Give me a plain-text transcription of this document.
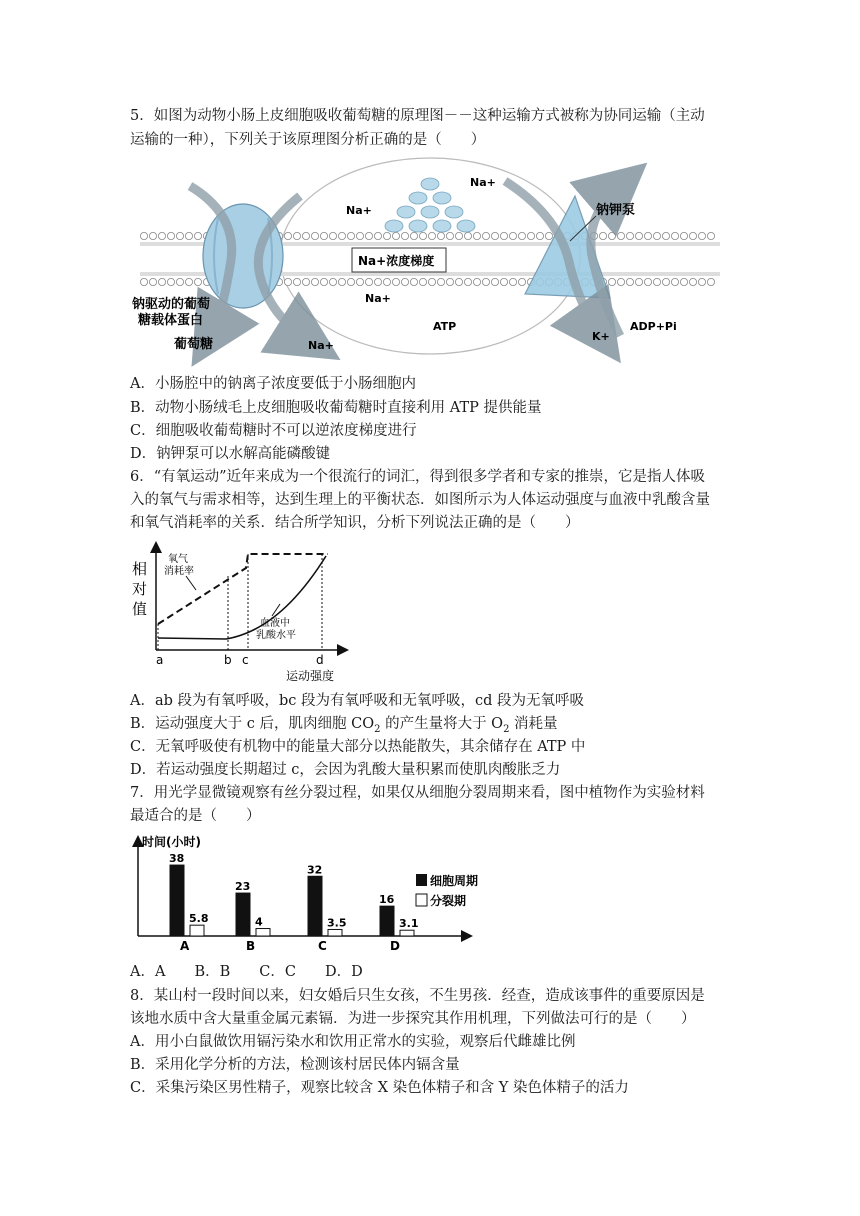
5．如图为动物小肠上皮细胞吸收葡萄糖的原理图－－这种运输方式被称为协同运输（主动
运输的一种），下列关于该原理图分析正确的是（　　）
Na+浓度梯度
Na+
Na+
Na+
Na+
钠驱动的葡萄
糖载体蛋白
葡萄糖
钠钾泵
ATP	ADP+Pi
K+
A．小肠腔中的钠离子浓度要低于小肠细胞内
B．动物小肠绒毛上皮细胞吸收葡萄糖时直接利用 ATP 提供能量
C．细胞吸收葡萄糖时不可以逆浓度梯度进行
D．钠钾泵可以水解高能磷酸键
6．“有氧运动”近年来成为一个很流行的词汇，得到很多学者和专家的推崇，它是指人体吸
入的氧气与需求相等，达到生理上的平衡状态．如图所示为人体运动强度与血液中乳酸含量
和氧气消耗率的关系．结合所学知识，分析下列说法正确的是（　　）
相
对
值
氧气
消耗率
血液中
乳酸水平
a	b c	d
运动强度
A．ab 段为有氧呼吸，bc 段为有氧呼吸和无氧呼吸，cd 段为无氧呼吸
B．运动强度大于 c 后，肌肉细胞 $CO_2$ 的产生量将大于 $O_2$ 消耗量
C．无氧呼吸使有机物中的能量大部分以热能散失，其余储存在 ATP 中
D．若运动强度长期超过 c，会因为乳酸大量积累而使肌肉酸胀乏力
7．用光学显微镜观察有丝分裂过程，如果仅从细胞分裂周期来看，图中植物作为实验材料
最适合的是（　　）
时间(小时)
38
5.8
A
23
4
B
32
3.5
C
16
3.1
D
细胞周期
分裂期
A．A　　B．B　　C．C　　D．D
8．某山村一段时间以来，妇女婚后只生女孩，不生男孩．经查，造成该事件的重要原因是
该地水质中含大量重金属元素镉．为进一步探究其作用机理，下列做法可行的是（　　）
A．用小白鼠做饮用镉污染水和饮用正常水的实验，观察后代雌雄比例
B．采用化学分析的方法，检测该村居民体内镉含量
C．采集污染区男性精子，观察比较含 X 染色体精子和含 Y 染色体精子的活力
